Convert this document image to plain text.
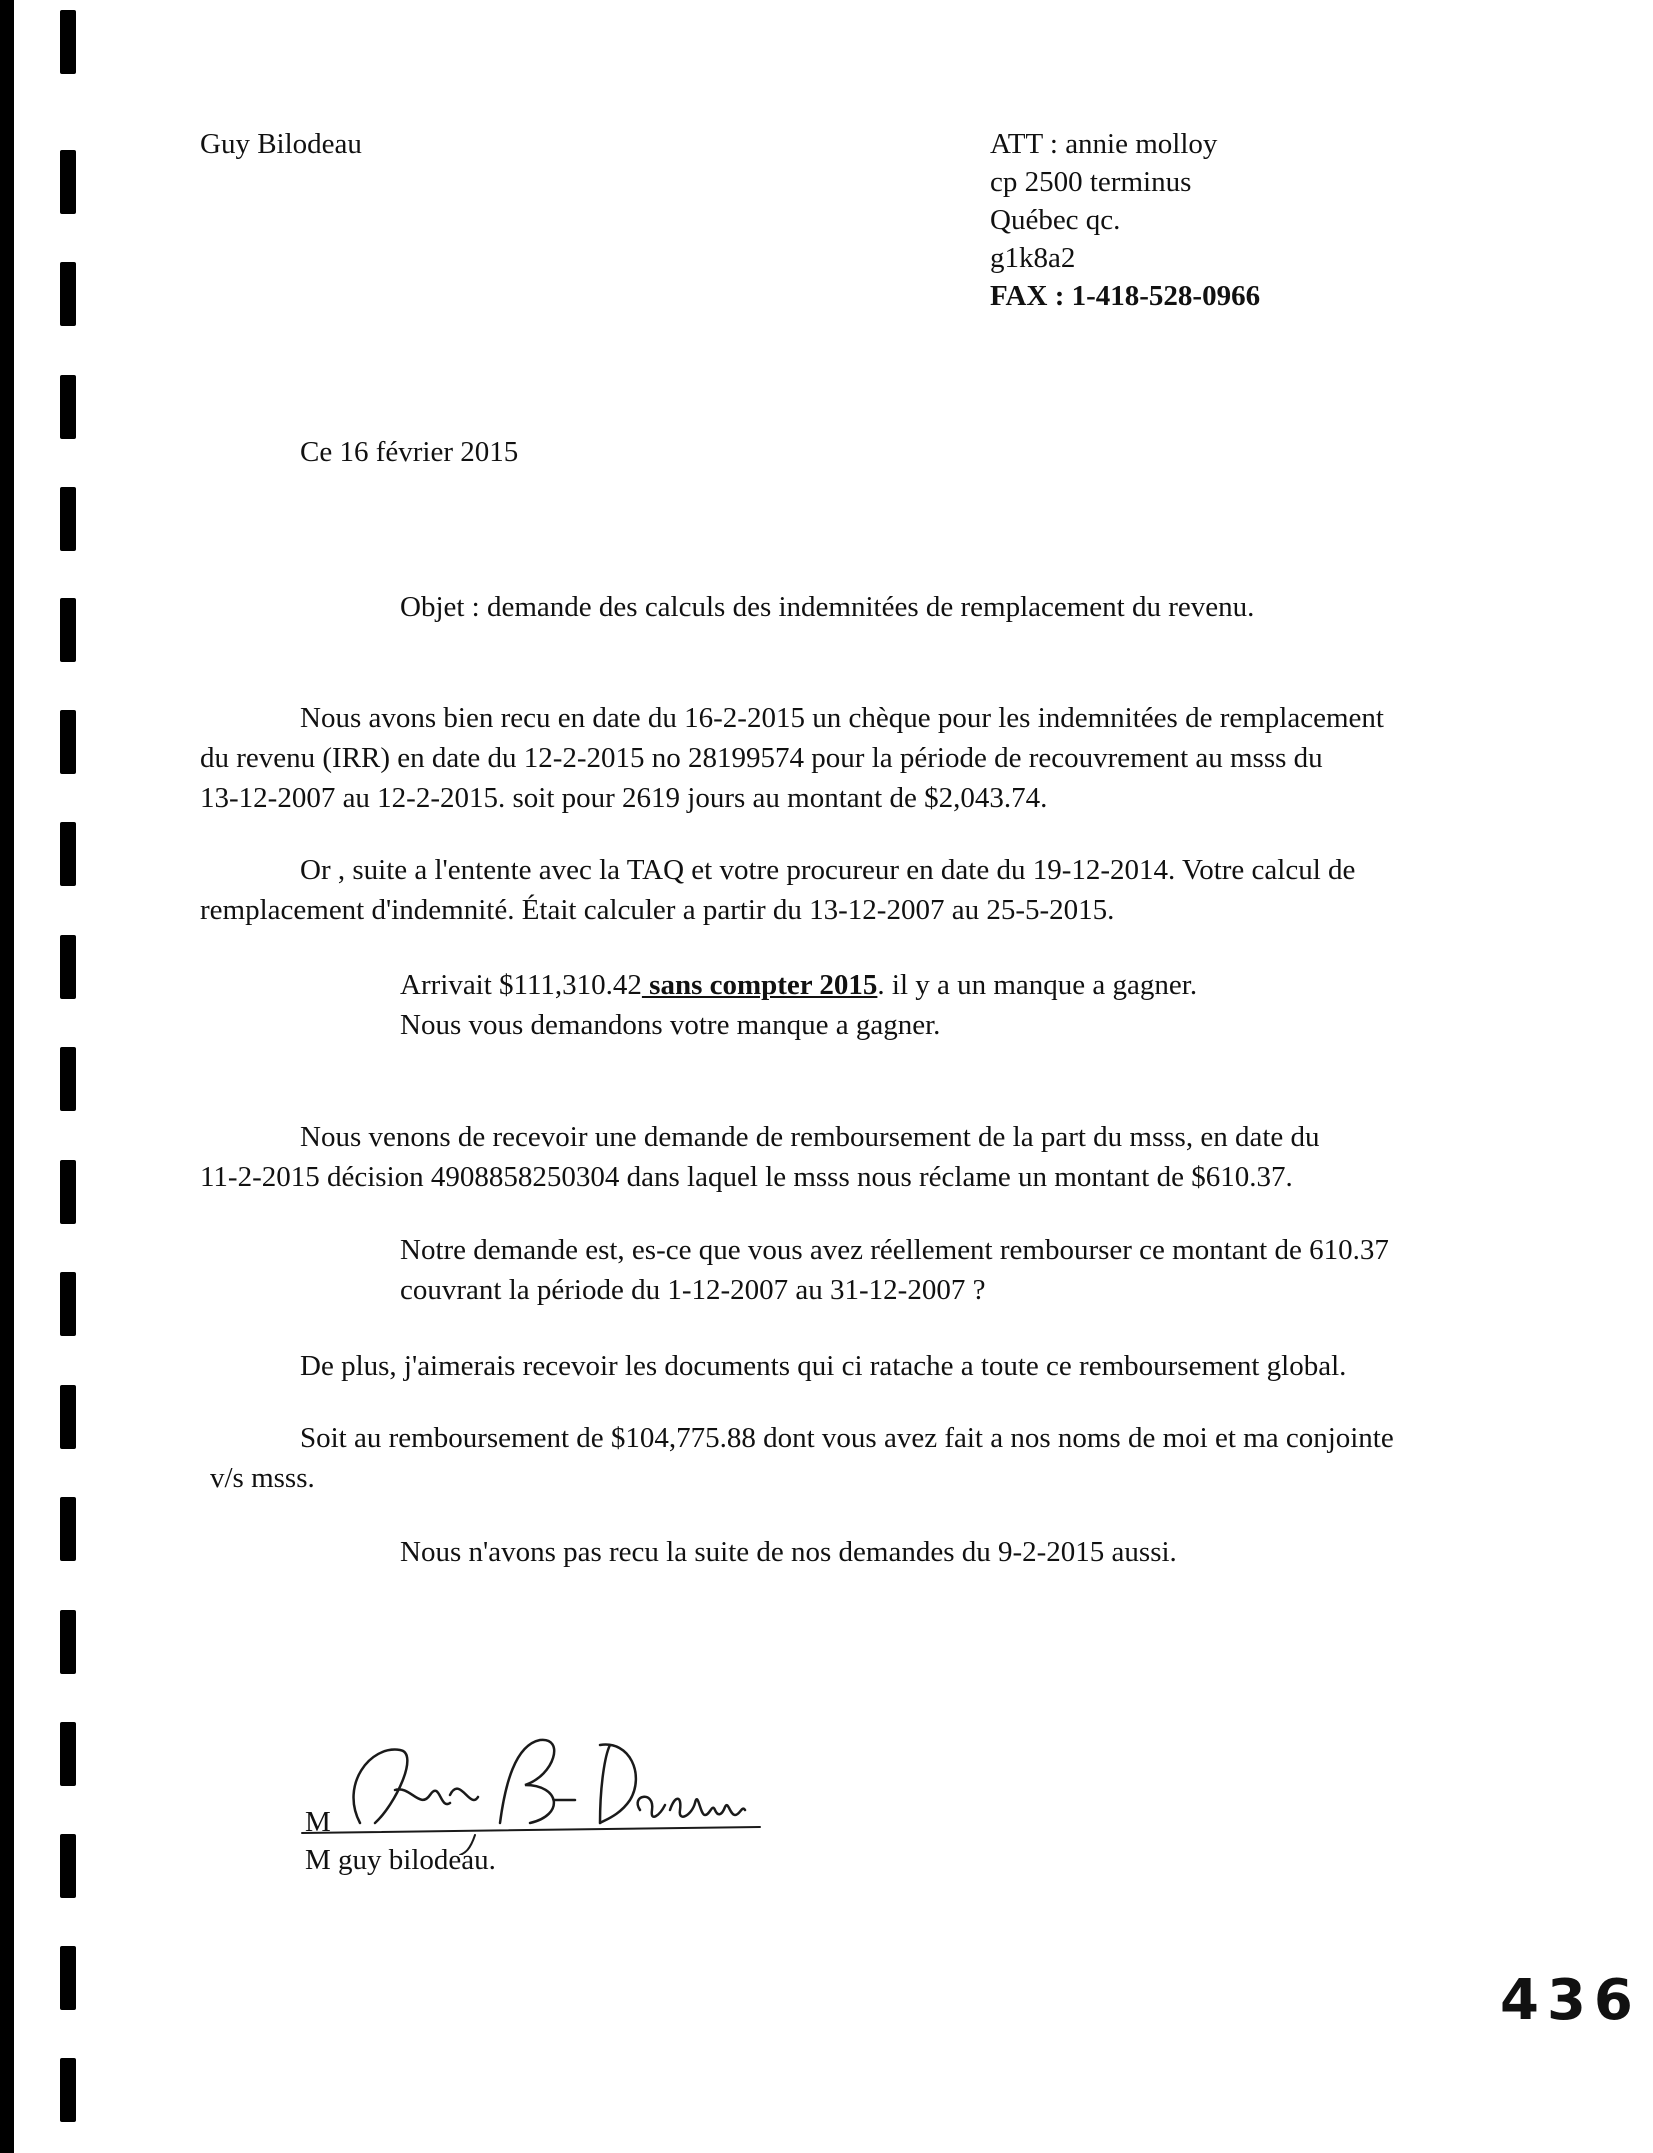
Guy Bilodeau	ATT : annie molloy
cp 2500 terminus
Québec qc.
g1k8a2
FAX : 1-418-528-0966
Ce 16 février 2015
Objet : demande des calculs des indemnitées de remplacement du revenu.
Nous avons bien recu en date du 16-2-2015 un chèque pour les indemnitées de remplacement
du revenu (IRR) en date du 12-2-2015 no 28199574 pour la période de recouvrement au msss du
13-12-2007 au 12-2-2015. soit pour 2619 jours au montant de $2,043.74.
Or , suite a l'entente avec la TAQ et votre procureur en date du 19-12-2014. Votre calcul de
remplacement d'indemnité. Était calculer a partir du 13-12-2007 au 25-5-2015.
Arrivait $111,310.42 sans compter 2015. il y a un manque a gagner.
Nous vous demandons votre manque a gagner.
Nous venons de recevoir une demande de remboursement de la part du msss, en date du
11-2-2015 décision 4908858250304 dans laquel le msss nous réclame un montant de $610.37.
Notre demande est, es-ce que vous avez réellement rembourser ce montant de 610.37
couvrant la période du 1-12-2007 au 31-12-2007 ?
De plus, j'aimerais recevoir les documents qui ci ratache a toute ce remboursement global.
Soit au remboursement de $104,775.88 dont vous avez fait a nos noms de moi et ma conjointe
v/s msss.
Nous n'avons pas recu la suite de nos demandes du 9-2-2015 aussi.
M
M guy bilodeau.
436
